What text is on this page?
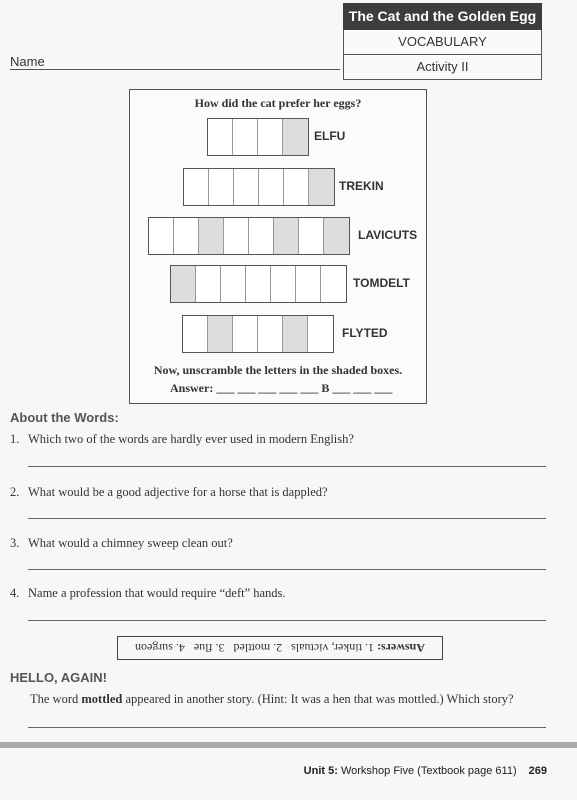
The Cat and the Golden Egg
VOCABULARY
Activity II
Name
How did the cat prefer her eggs?
ELFU
TREKIN
LAVICUTS
TOMDELT
FLYTED
Now, unscramble the letters in the shaded boxes.
Answer: ___ ___ ___ ___ ___ B ___ ___ ___
About the Words:
1. Which two of the words are hardly ever used in modern English?
2. What would be a good adjective for a horse that is dappled?
3. What would a chimney sweep clean out?
4. Name a profession that would require “deft” hands.
Answers: 1. tinker, victuals   2. mottled   3. flue   4. surgeon
HELLO, AGAIN!
The word mottled appeared in another story. (Hint: It was a hen that was mottled.) Which story?
Unit 5: Workshop Five (Textbook page 611) 269
